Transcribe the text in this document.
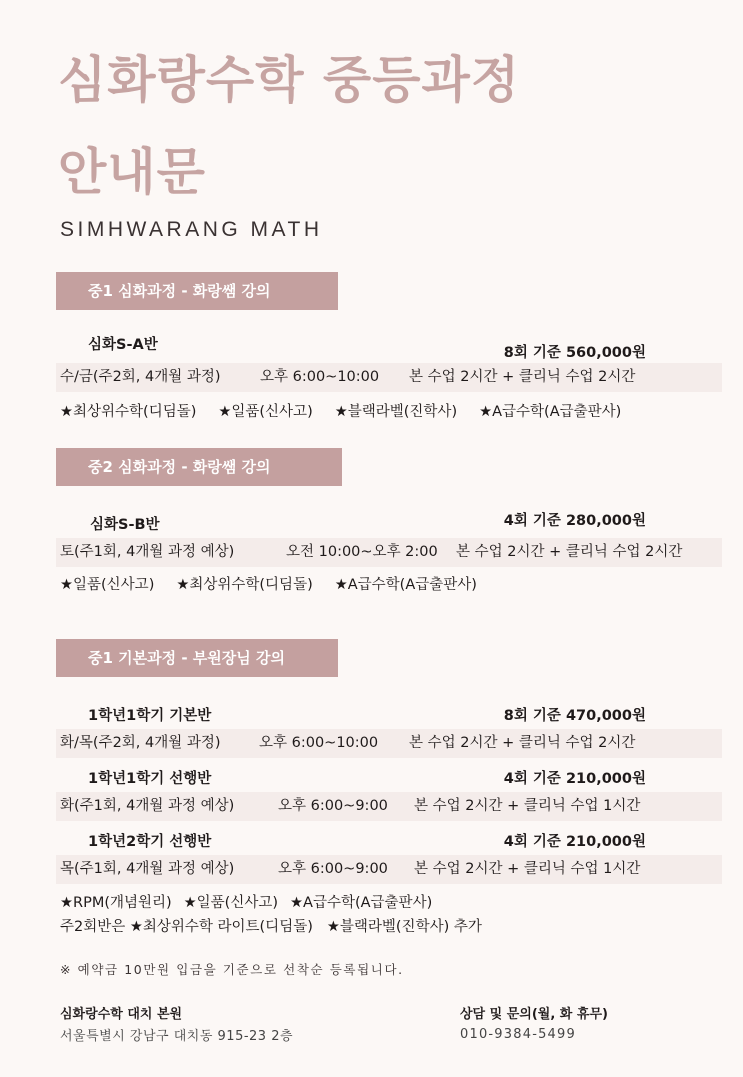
심화랑수학 중등과정
안내문
SIMHWARANG MATH
중1 심화과정 - 화랑쌤 강의
심화S-A반	8회 기준 560,000원
수/금(주2회, 4개월 과정)	오후 6:00~10:00 본 수업 2시간 + 클리닉 수업 2시간
★최상위수학(디딤돌) ★일품(신사고) ★블랙라벨(진학사) ★A급수학(A급출판사)
중2 심화과정 - 화랑쌤 강의
심화S-B반	4회 기준 280,000원
토(주1회, 4개월 과정 예상)	오전 10:00~오후 2:00 본 수업 2시간 + 클리닉 수업 2시간
★일품(신사고) ★최상위수학(디딤돌) ★A급수학(A급출판사)
중1 기본과정 - 부원장님 강의
1학년1학기 기본반	8회 기준 470,000원
화/목(주2회, 4개월 과정)	오후 6:00~10:00 본 수업 2시간 + 클리닉 수업 2시간
1학년1학기 선행반	4회 기준 210,000원
화(주1회, 4개월 과정 예상)	오후 6:00~9:00 본 수업 2시간 + 클리닉 수업 1시간
1학년2학기 선행반	4회 기준 210,000원
목(주1회, 4개월 과정 예상)	오후 6:00~9:00 본 수업 2시간 + 클리닉 수업 1시간
★RPM(개념원리) ★일품(신사고) ★A급수학(A급출판사)
주2회반은 ★최상위수학 라이트(디딤돌) ★블랙라벨(진학사) 추가
※ 예약금 10만원 입금을 기준으로 선착순 등록됩니다.
심화랑수학 대치 본원
서울특별시 강남구 대치동 915-23 2층
상담 및 문의(월, 화 휴무)
010-9384-5499
